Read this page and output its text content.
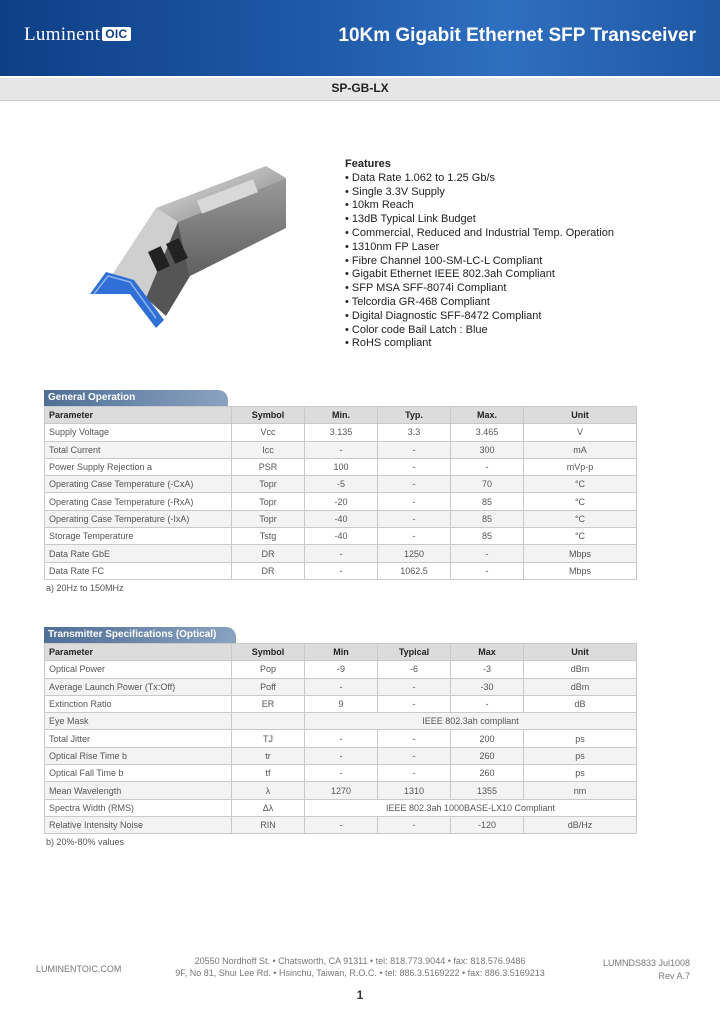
Luminent OIC	10Km Gigabit Ethernet SFP Transceiver
SP-GB-LX
Features
• Data Rate 1.062 to 1.25 Gb/s
• Single 3.3V Supply
• 10km Reach
• 13dB Typical Link Budget
• Commercial, Reduced and Industrial Temp. Operation
• 1310nm FP Laser
• Fibre Channel 100-SM-LC-L Compliant
• Gigabit Ethernet IEEE 802.3ah Compliant
• SFP MSA SFF-8074i Compliant
• Telcordia GR-468 Compliant
• Digital Diagnostic SFF-8472 Compliant
• Color code Bail Latch : Blue
• RoHS compliant
General Operation
Parameter	Symbol	Min.	Typ.	Max.	Unit
Supply Voltage	Vcc	3.135	3.3	3.465	V
Total Current	Icc	-	-	300	mA
Power Supply Rejection a	PSR	100	-	-	mVp-p
Operating Case Temperature (-CxA)	Topr	-5	-	70	°C
Operating Case Temperature (-RxA)	Topr	-20	-	85	°C
Operating Case Temperature (-IxA)	Topr	-40	-	85	°C
Storage Temperature	Tstg	-40	-	85	°C
Data Rate GbE	DR	-	1250	-	Mbps
Data Rate FC	DR	-	1062.5	-	Mbps
a) 20Hz to 150MHz
Transmitter Specifications (Optical)
Parameter	Symbol	Min	Typical	Max	Unit
Optical Power	Pop	-9	-6	-3	dBm
Average Launch Power (Tx:Off)	Poff	-	-	-30	dBm
Extinction Ratio	ER	9	-	-	dB
Eye Mask		IEEE 802.3ah compliant			
Total Jitter	TJ	-	-	200	ps
Optical Rise Time b	tr	-	-	260	ps
Optical Fall Time b	tf	-	-	260	ps
Mean Wavelength	λ	1270	1310	1355	nm
Spectra Width (RMS)	Δλ	IEEE 802.3ah 1000BASE-LX10 Compliant			
Relative Intensity Noise	RIN	-	-	-120	dB/Hz
b) 20%-80% values
LUMINENTOIC.COM
20550 Nordhoff St. • Chatsworth, CA 91311 • tel: 818.773.9044 • fax: 818.576.9486
9F, No 81, Shui Lee Rd. • Hsinchu, Taiwan, R.O.C. • tel: 886.3.5169222 • fax: 886.3.5169213
LUMNDS833 Jul1008
Rev A.7
1
